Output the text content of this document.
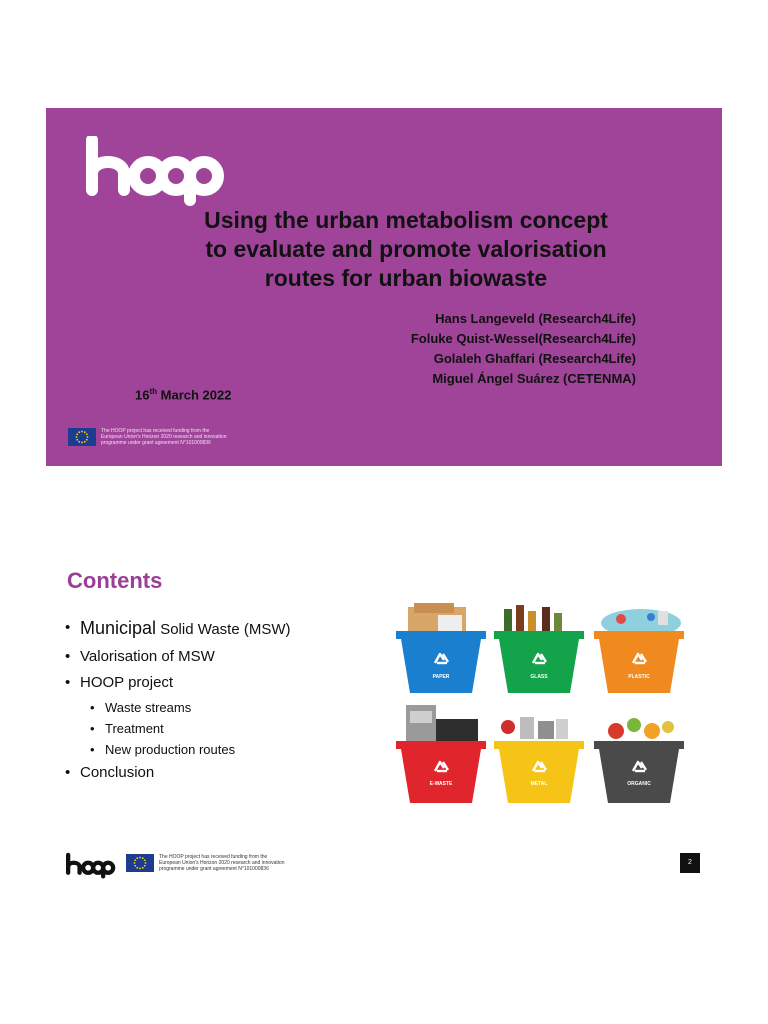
Using the urban metabolism concept
to evaluate and promote valorisation
routes for urban biowaste
Hans Langeveld (Research4Life)
Foluke Quist-Wessel(Research4Life)
Golaleh Ghaffari (Research4Life)
Miguel Ángel Suárez (CETENMA)
16th March 2022
The HOOP project has received funding from the
European Union's Horizon 2020 research and innovation
programme under grant agreement N°101000836
Contents
• Municipal Solid Waste (MSW)
• Valorisation of MSW
• HOOP project
• Waste streams
• Treatment
• New production routes
• Conclusion
PAPER	GLASS	PLASTIC
E-WASTE	METAL	ORGANIC
The HOOP project has received funding from the
European Union's Horizon 2020 research and innovation
programme under grant agreement N°101000836
2
